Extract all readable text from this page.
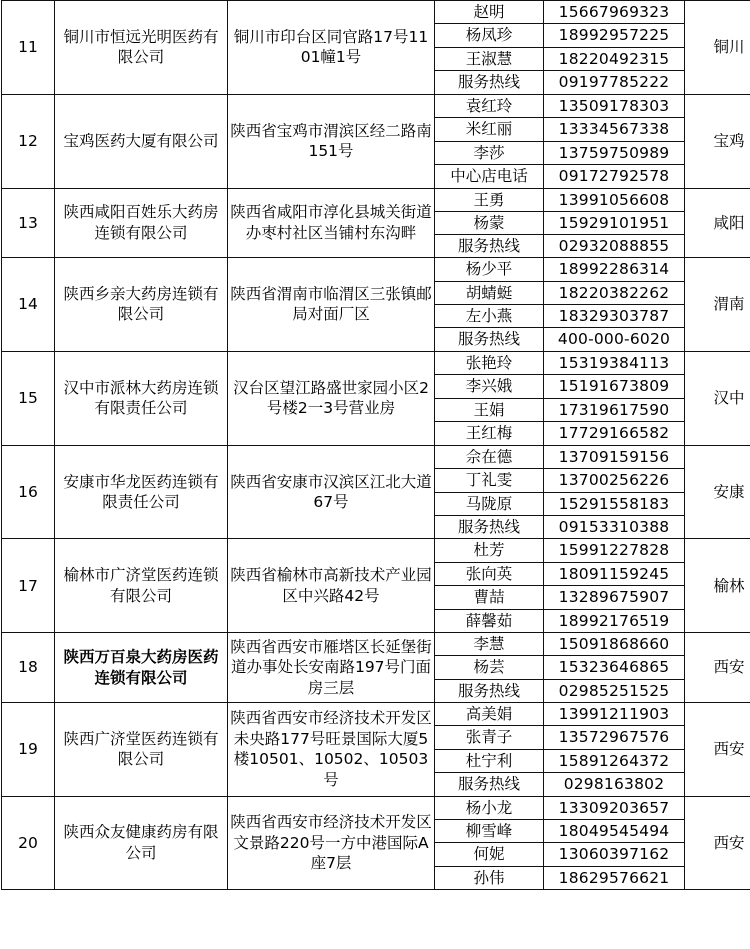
11	铜川市恒远光明医药有限公司	铜川市印台区同官路17号1101幢1号	赵明	15667969323	铜川
			杨凤珍	18992957225	
			王淑慧	18220492315	
			服务热线	09197785222	
12	宝鸡医药大厦有限公司	陕西省宝鸡市渭滨区经二路南151号	袁红玲	13509178303	宝鸡
			米红丽	13334567338	
			李莎	13759750989	
			中心店电话	09172792578	
13	陕西咸阳百姓乐大药房连锁有限公司	陕西省咸阳市淳化县城关街道办枣村社区当铺村东沟畔	王勇	13991056608	咸阳
			杨蒙	15929101951	
			服务热线	02932088855	
14	陕西乡亲大药房连锁有限公司	陕西省渭南市临渭区三张镇邮局对面厂区	杨少平	18992286314	渭南
			胡蜻蜓	18220382262	
			左小燕	18329303787	
			服务热线	400-000-6020	
15	汉中市派林大药房连锁有限责任公司	汉台区望江路盛世家园小区2号楼2一3号营业房	张艳玲	15319384113	汉中
			李兴娥	15191673809	
			王娟	17319617590	
			王红梅	17729166582	
16	安康市华龙医药连锁有限责任公司	陕西省安康市汉滨区江北大道67号	佘在德	13709159156	安康
			丁礼雯	13700256226	
			马陇原	15291558183	
			服务热线	09153310388	
17	榆林市广济堂医药连锁有限公司	陕西省榆林市高新技术产业园区中兴路42号	杜芳	15991227828	榆林
			张向英	18091159245	
			曹喆	13289675907	
			薛馨茹	18992176519	
18	陕西万百泉大药房医药连锁有限公司	陕西省西安市雁塔区长延堡街道办事处长安南路197号门面房三层	李慧	15091868660	西安
			杨芸	15323646865	
			服务热线	02985251525	
19	陕西广济堂医药连锁有限公司	陕西省西安市经济技术开发区未央路177号旺景国际大厦5楼10501、10502、10503号	高美娟	13991211903	西安
			张青子	13572967576	
			杜宁利	15891264372	
			服务热线	0298163802	
20	陕西众友健康药房有限公司	陕西省西安市经济技术开发区文景路220号一方中港国际A座7层	杨小龙	13309203657	西安
			柳雪峰	18049545494	
			何妮	13060397162	
			孙伟	18629576621	
